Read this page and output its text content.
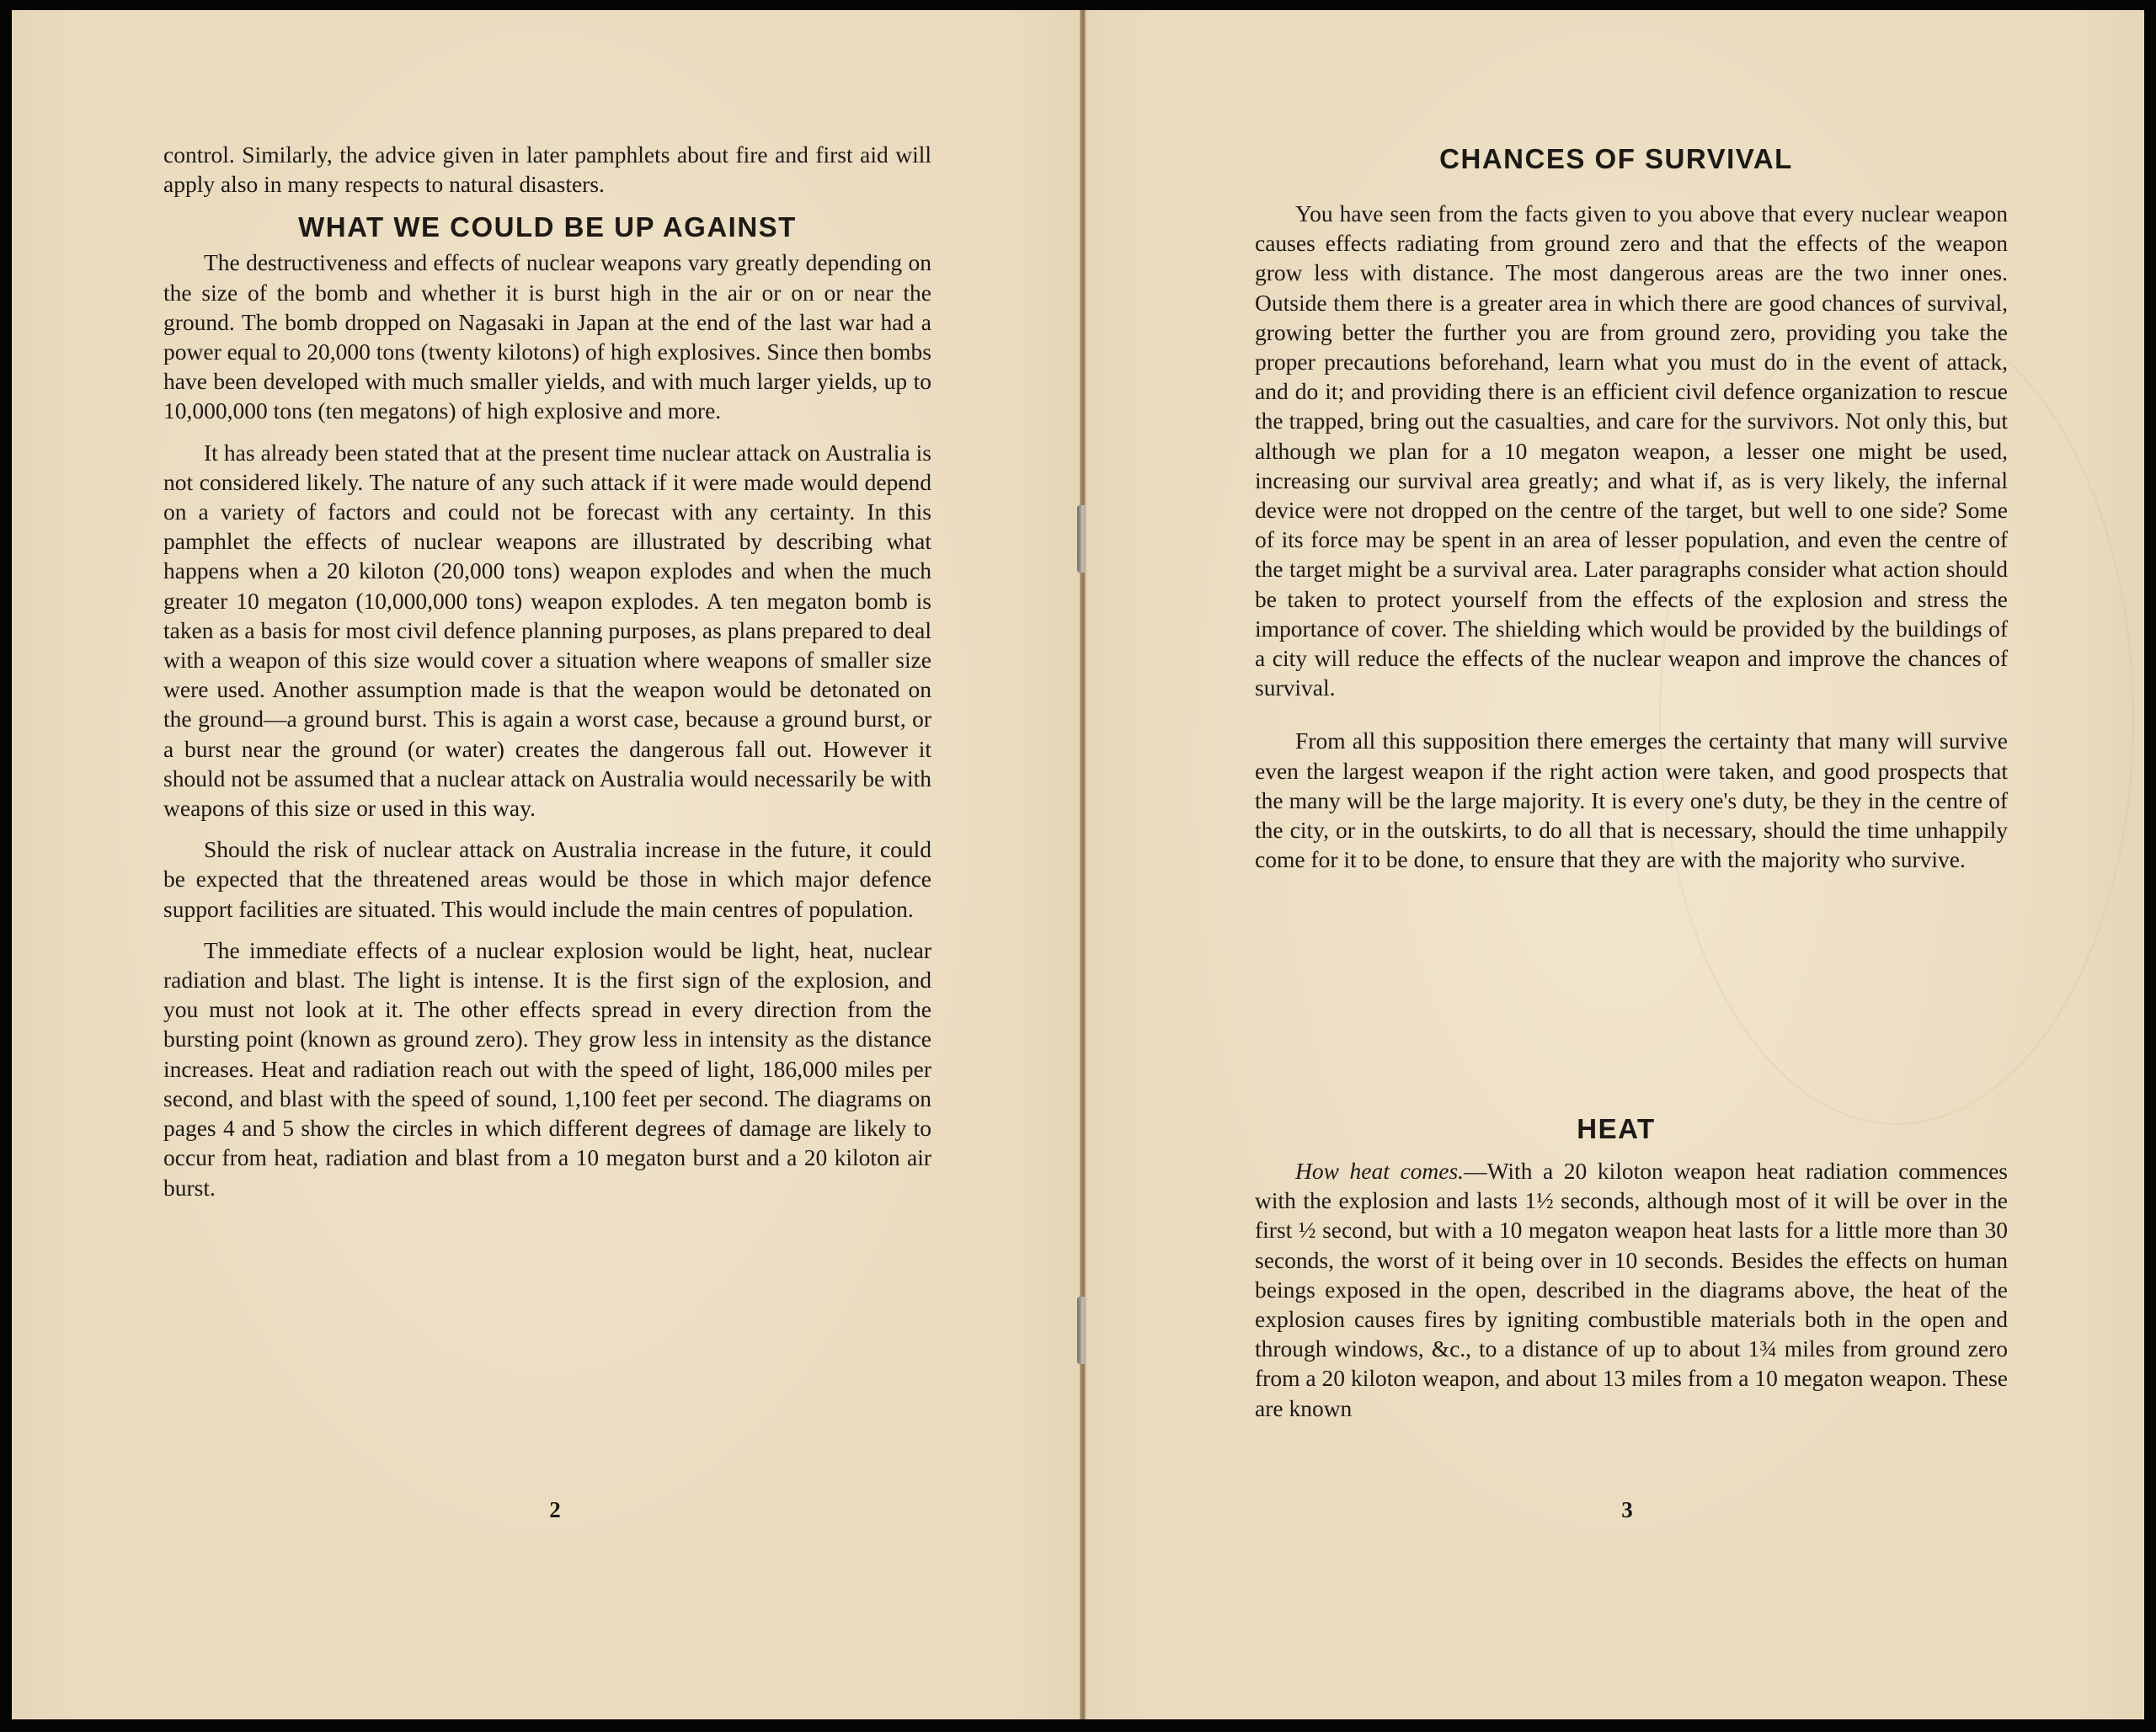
control. Similarly, the advice given in later pamphlets about fire and first aid will apply also in many respects to natural disasters.

WHAT WE COULD BE UP AGAINST

The destructiveness and effects of nuclear weapons vary greatly depending on the size of the bomb and whether it is burst high in the air or on or near the ground. The bomb dropped on Nagasaki in Japan at the end of the last war had a power equal to 20,000 tons (twenty kilotons) of high explosives. Since then bombs have been developed with much smaller yields, and with much larger yields, up to 10,000,000 tons (ten megatons) of high explosive and more.

It has already been stated that at the present time nuclear attack on Australia is not considered likely. The nature of any such attack if it were made would depend on a variety of factors and could not be forecast with any certainty. In this pamphlet the effects of nuclear weapons are illustrated by describing what happens when a 20 kiloton (20,000 tons) weapon explodes and when the much greater 10 megaton (10,000,000 tons) weapon explodes. A ten megaton bomb is taken as a basis for most civil defence planning purposes, as plans prepared to deal with a weapon of this size would cover a situation where weapons of smaller size were used. Another assumption made is that the weapon would be detonated on the ground—a ground burst. This is again a worst case, because a ground burst, or a burst near the ground (or water) creates the dangerous fall out. However it should not be assumed that a nuclear attack on Australia would necessarily be with weapons of this size or used in this way.

Should the risk of nuclear attack on Australia increase in the future, it could be expected that the threatened areas would be those in which major defence support facilities are situated. This would include the main centres of population.

The immediate effects of a nuclear explosion would be light, heat, nuclear radiation and blast. The light is intense. It is the first sign of the explosion, and you must not look at it. The other effects spread in every direction from the bursting point (known as ground zero). They grow less in intensity as the distance increases. Heat and radiation reach out with the speed of light, 186,000 miles per second, and blast with the speed of sound, 1,100 feet per second. The diagrams on pages 4 and 5 show the circles in which different degrees of damage are likely to occur from heat, radiation and blast from a 10 megaton burst and a 20 kiloton air burst.

2
CHANCES OF SURVIVAL

You have seen from the facts given to you above that every nuclear weapon causes effects radiating from ground zero and that the effects of the weapon grow less with distance. The most dangerous areas are the two inner ones. Outside them there is a greater area in which there are good chances of survival, growing better the further you are from ground zero, providing you take the proper precautions beforehand, learn what you must do in the event of attack, and do it; and providing there is an efficient civil defence organization to rescue the trapped, bring out the casualties, and care for the survivors. Not only this, but although we plan for a 10 megaton weapon, a lesser one might be used, increasing our survival area greatly; and what if, as is very likely, the infernal device were not dropped on the centre of the target, but well to one side? Some of its force may be spent in an area of lesser population, and even the centre of the target might be a survival area. Later paragraphs consider what action should be taken to protect yourself from the effects of the explosion and stress the importance of cover. The shielding which would be provided by the buildings of a city will reduce the effects of the nuclear weapon and improve the chances of survival.

From all this supposition there emerges the certainty that many will survive even the largest weapon if the right action were taken, and good prospects that the many will be the large majority. It is every one's duty, be they in the centre of the city, or in the outskirts, to do all that is necessary, should the time unhappily come for it to be done, to ensure that they are with the majority who survive.

HEAT

How heat comes.—With a 20 kiloton weapon heat radiation commences with the explosion and lasts 1½ seconds, although most of it will be over in the first ½ second, but with a 10 megaton weapon heat lasts for a little more than 30 seconds, the worst of it being over in 10 seconds. Besides the effects on human beings exposed in the open, described in the diagrams above, the heat of the explosion causes fires by igniting combustible materials both in the open and through windows, &c., to a distance of up to about 1¾ miles from ground zero from a 20 kiloton weapon, and about 13 miles from a 10 megaton weapon. These are known

3
